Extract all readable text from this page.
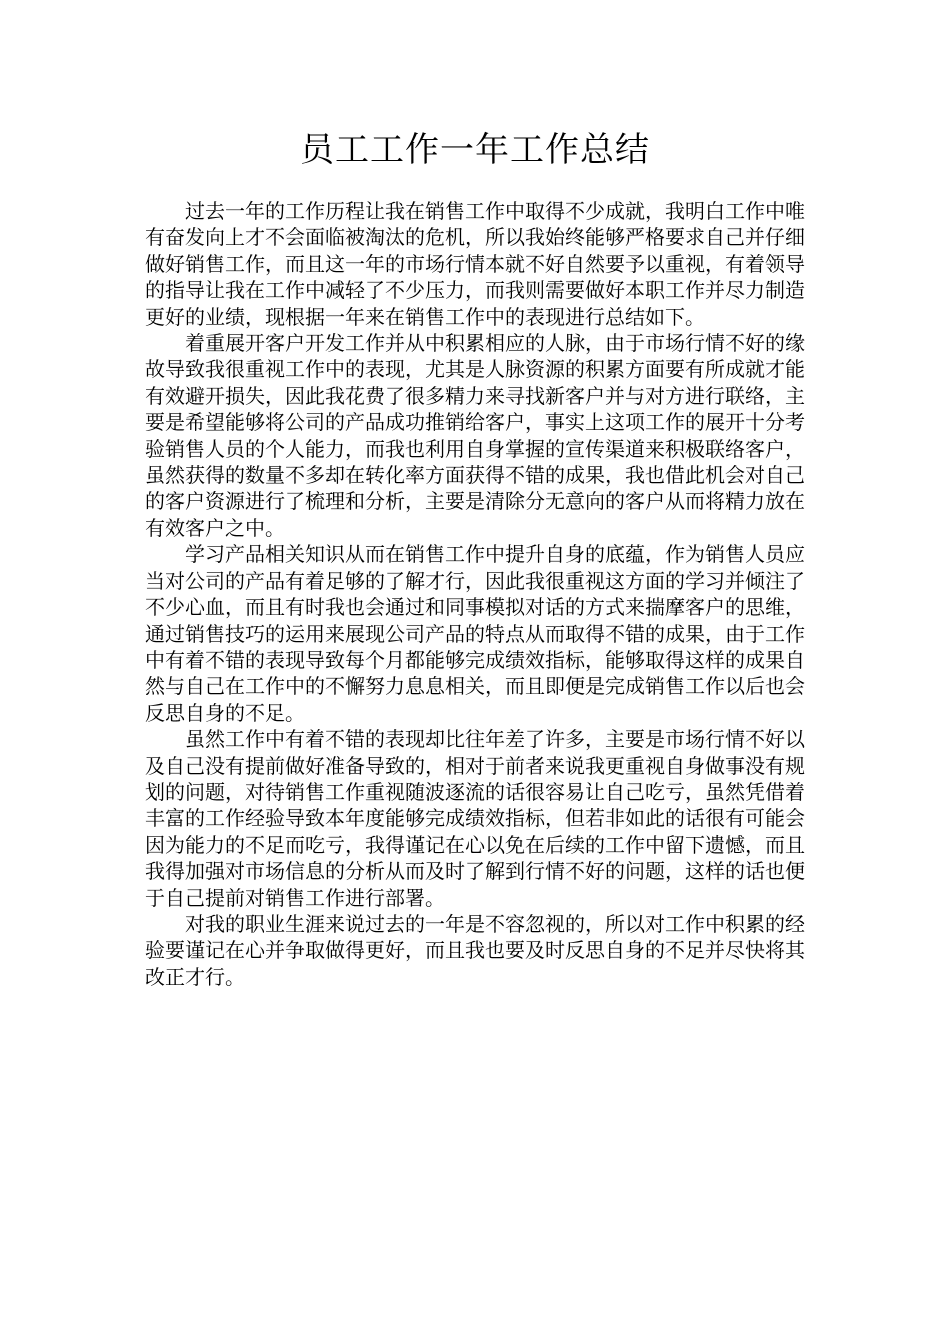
员工工作一年工作总结

过去一年的工作历程让我在销售工作中取得不少成就，我明白工作中唯有奋发向上才不会面临被淘汰的危机，所以我始终能够严格要求自己并仔细做好销售工作，而且这一年的市场行情本就不好自然要予以重视，有着领导的指导让我在工作中减轻了不少压力，而我则需要做好本职工作并尽力制造更好的业绩，现根据一年来在销售工作中的表现进行总结如下。

着重展开客户开发工作并从中积累相应的人脉，由于市场行情不好的缘故导致我很重视工作中的表现，尤其是人脉资源的积累方面要有所成就才能有效避开损失，因此我花费了很多精力来寻找新客户并与对方进行联络，主要是希望能够将公司的产品成功推销给客户，事实上这项工作的展开十分考验销售人员的个人能力，而我也利用自身掌握的宣传渠道来积极联络客户，虽然获得的数量不多却在转化率方面获得不错的成果，我也借此机会对自己的客户资源进行了梳理和分析，主要是清除分无意向的客户从而将精力放在有效客户之中。

学习产品相关知识从而在销售工作中提升自身的底蕴，作为销售人员应当对公司的产品有着足够的了解才行，因此我很重视这方面的学习并倾注了不少心血，而且有时我也会通过和同事模拟对话的方式来揣摩客户的思维，通过销售技巧的运用来展现公司产品的特点从而取得不错的成果，由于工作中有着不错的表现导致每个月都能够完成绩效指标，能够取得这样的成果自然与自己在工作中的不懈努力息息相关，而且即便是完成销售工作以后也会反思自身的不足。

虽然工作中有着不错的表现却比往年差了许多，主要是市场行情不好以及自己没有提前做好准备导致的，相对于前者来说我更重视自身做事没有规划的问题，对待销售工作重视随波逐流的话很容易让自己吃亏，虽然凭借着丰富的工作经验导致本年度能够完成绩效指标，但若非如此的话很有可能会因为能力的不足而吃亏，我得谨记在心以免在后续的工作中留下遗憾，而且我得加强对市场信息的分析从而及时了解到行情不好的问题，这样的话也便于自己提前对销售工作进行部署。

对我的职业生涯来说过去的一年是不容忽视的，所以对工作中积累的经验要谨记在心并争取做得更好，而且我也要及时反思自身的不足并尽快将其改正才行。
